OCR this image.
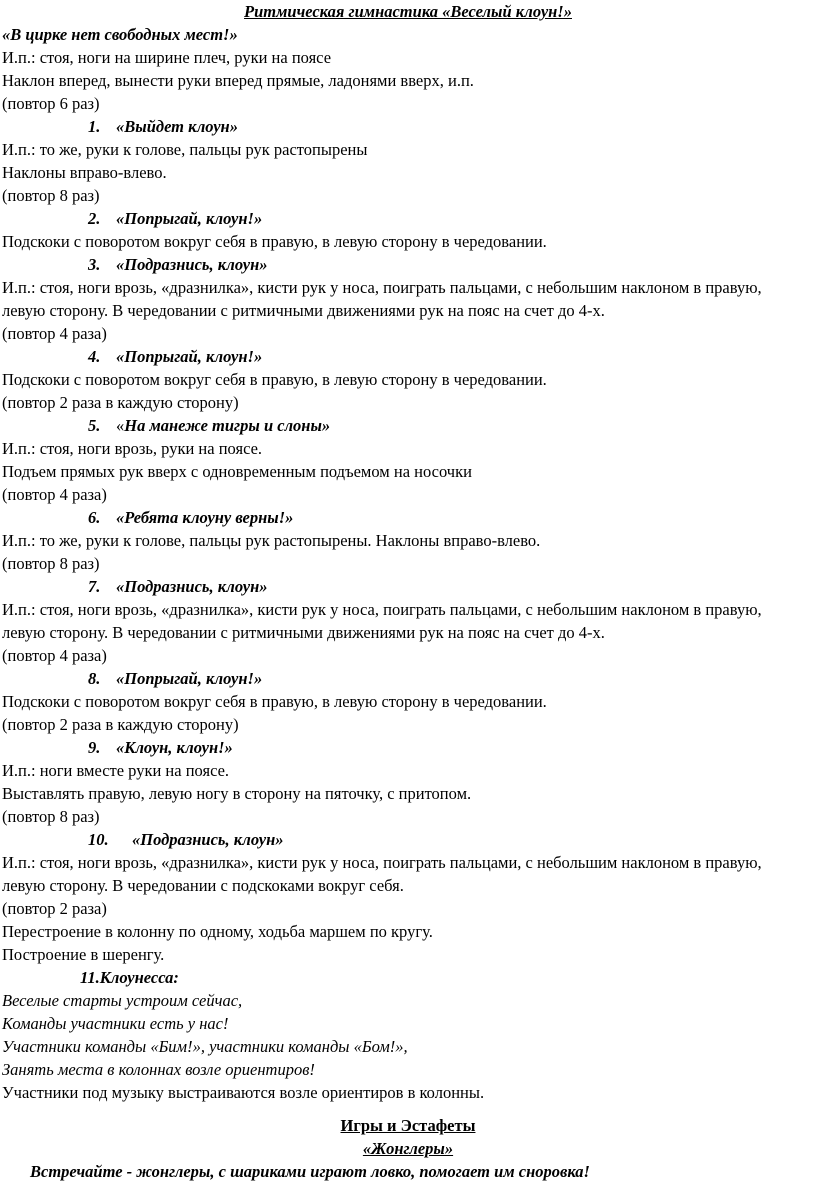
Ритмическая гимнастика «Веселый клоун!»
«В цирке нет свободных мест!»
И.п.: стоя, ноги на ширине плеч, руки на поясе
Наклон вперед, вынести руки вперед прямые, ладонями вверх, и.п.
(повтор 6 раз)
1. «Выйдет клоун»
И.п.: то же, руки к голове, пальцы рук растопырены
Наклоны вправо-влево.
(повтор 8 раз)
2. «Попрыгай, клоун!»
Подскоки с поворотом вокруг себя в правую, в левую сторону в чередовании.
3. «Подразнись, клоун»
И.п.: стоя, ноги врозь, «дразнилка», кисти рук у носа, поиграть пальцами, с небольшим наклоном в правую,
левую сторону. В чередовании с ритмичными движениями рук на пояс на счет до 4-х.
(повтор 4 раза)
4. «Попрыгай, клоун!»
Подскоки с поворотом вокруг себя в правую, в левую сторону в чередовании.
(повтор 2 раза в каждую сторону)
5. «На манеже тигры и слоны»
И.п.: стоя, ноги врозь, руки на поясе.
Подъем прямых рук вверх с одновременным подъемом на носочки
(повтор 4 раза)
6. «Ребята клоуну верны!»
И.п.: то же, руки к голове, пальцы рук растопырены. Наклоны вправо-влево.
(повтор 8 раз)
7. «Подразнись, клоун»
И.п.: стоя, ноги врозь, «дразнилка», кисти рук у носа, поиграть пальцами, с небольшим наклоном в правую,
левую сторону. В чередовании с ритмичными движениями рук на пояс на счет до 4-х.
(повтор 4 раза)
8. «Попрыгай, клоун!»
Подскоки с поворотом вокруг себя в правую, в левую сторону в чередовании.
(повтор 2 раза в каждую сторону)
9. «Клоун, клоун!»
И.п.: ноги вместе руки на поясе.
Выставлять правую, левую ногу в сторону на пяточку, с притопом.
(повтор 8 раз)
10. «Подразнись, клоун»
И.п.: стоя, ноги врозь, «дразнилка», кисти рук у носа, поиграть пальцами, с небольшим наклоном в правую,
левую сторону. В чередовании с подскоками вокруг себя.
(повтор 2 раза)
Перестроение в колонну по одному, ходьба маршем по кругу.
Построение в шеренгу.
11.Клоунесса:
Веселые старты устроим сейчас,
Команды участники есть у нас!
Участники команды «Бим!», участники команды «Бом!»,
Занять места в колоннах возле ориентиров!
Участники под музыку выстраиваются возле ориентиров в колонны.
Игры и Эстафеты
«Жонглеры»
Встречайте - жонглеры, с шариками играют ловко, помогает им сноровка!
